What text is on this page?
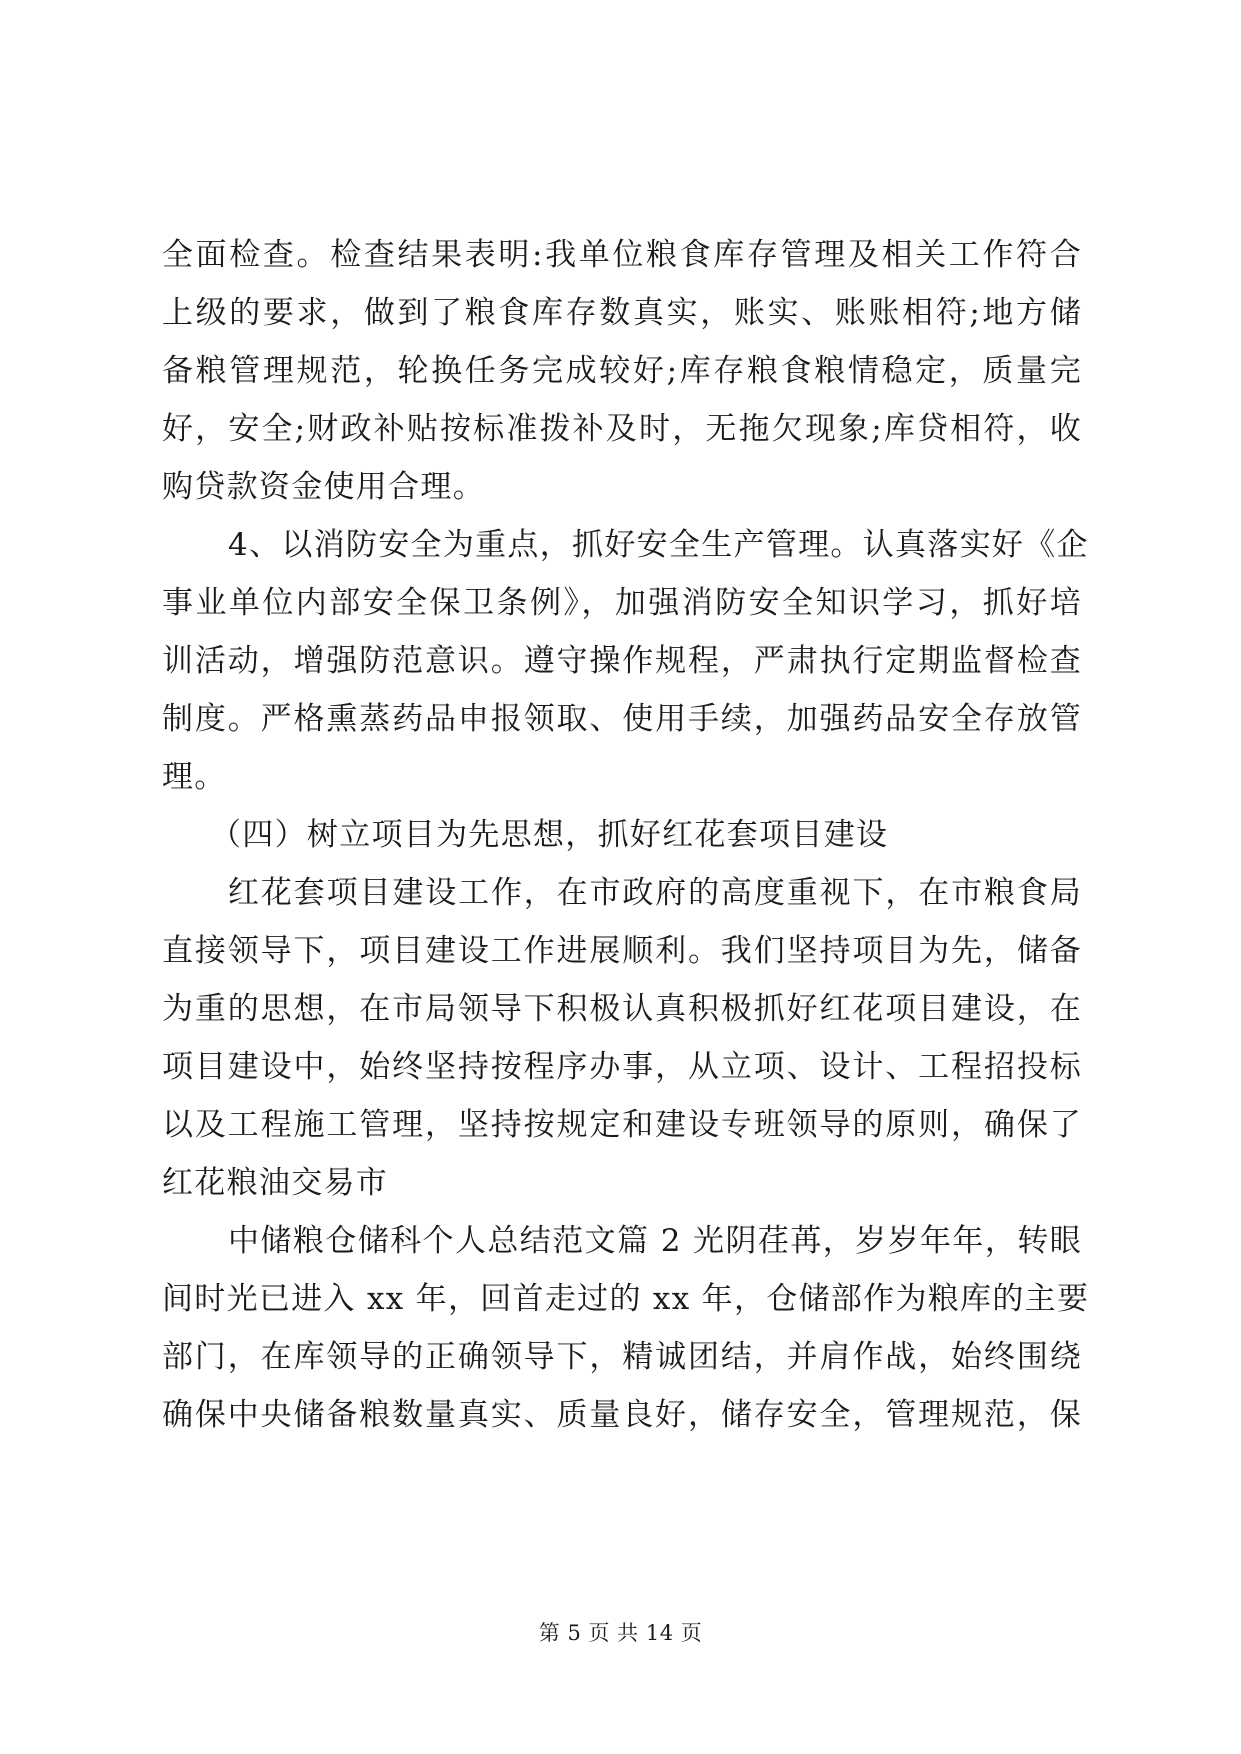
全面检查。检查结果表明:我单位粮食库存管理及相关工作符合
上级的要求，做到了粮食库存数真实，账实、账账相符;地方储
备粮管理规范，轮换任务完成较好;库存粮食粮情稳定，质量完
好，安全;财政补贴按标准拨补及时，无拖欠现象;库贷相符，收
购贷款资金使用合理。
4、以消防安全为重点，抓好安全生产管理。认真落实好《企
事业单位内部安全保卫条例》，加强消防安全知识学习，抓好培
训活动，增强防范意识。遵守操作规程，严肃执行定期监督检查
制度。严格熏蒸药品申报领取、使用手续，加强药品安全存放管
理。
（四）树立项目为先思想，抓好红花套项目建设
红花套项目建设工作，在市政府的高度重视下，在市粮食局
直接领导下，项目建设工作进展顺利。我们坚持项目为先，储备
为重的思想，在市局领导下积极认真积极抓好红花项目建设，在
项目建设中，始终坚持按程序办事，从立项、设计、工程招投标
以及工程施工管理，坚持按规定和建设专班领导的原则，确保了
红花粮油交易市
中储粮仓储科个人总结范文篇 2 光阴荏苒，岁岁年年，转眼
间时光已进入 xx 年，回首走过的 xx 年，仓储部作为粮库的主要
部门，在库领导的正确领导下，精诚团结，并肩作战，始终围绕
确保中央储备粮数量真实、质量良好，储存安全，管理规范，保
第 5 页 共 14 页
